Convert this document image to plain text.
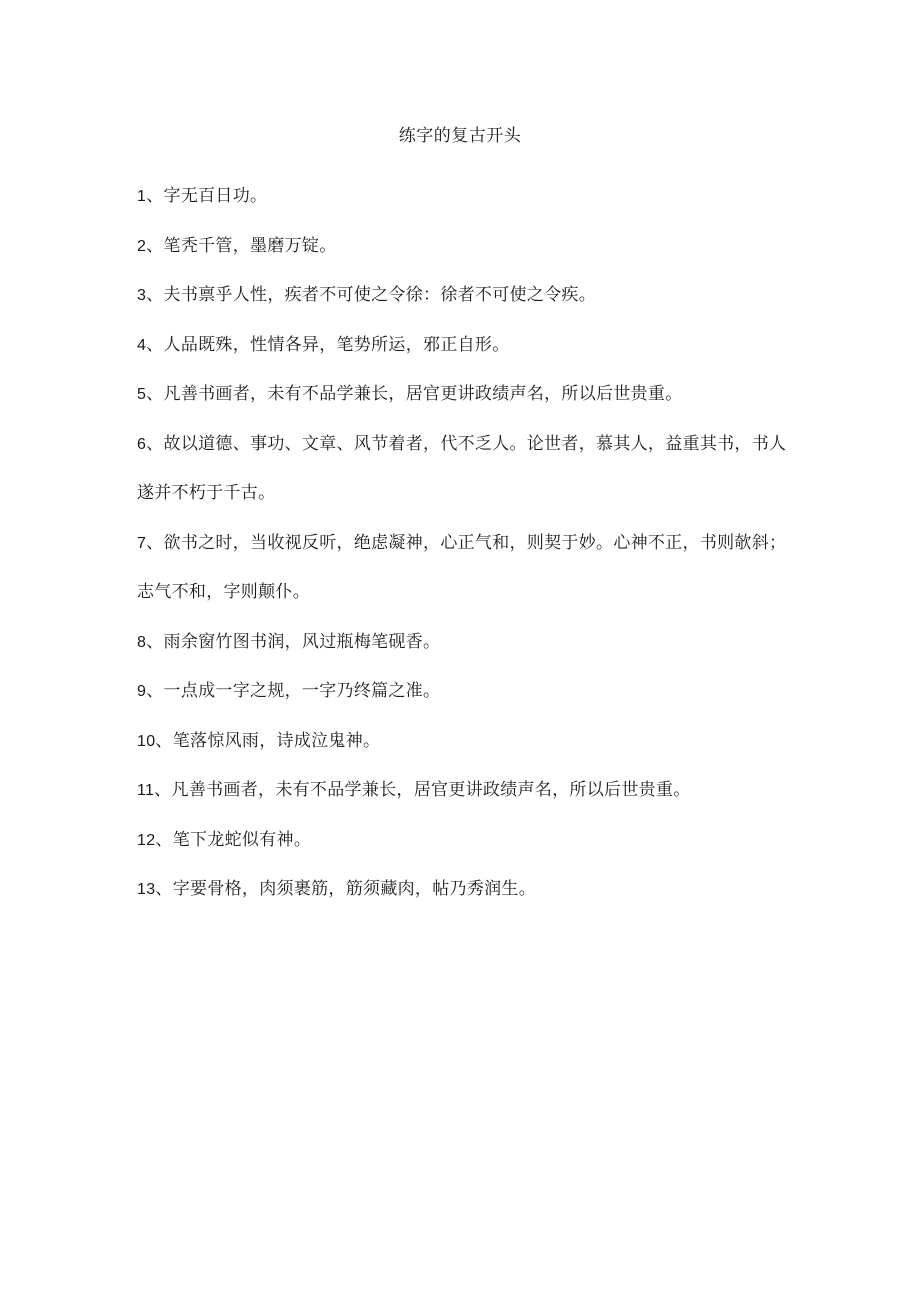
练字的复古开头
1、字无百日功。
2、笔秃千管，墨磨万锭。
3、夫书禀乎人性，疾者不可使之令徐：徐者不可使之令疾。
4、人品既殊，性情各异，笔势所运，邪正自形。
5、凡善书画者，未有不品学兼长，居官更讲政绩声名，所以后世贵重。
6、故以道德、事功、文章、风节着者，代不乏人。论世者，慕其人，益重其书，书人遂并不朽于千古。
7、欲书之时，当收视反听，绝虑凝神，心正气和，则契于妙。心神不正，书则欹斜；志气不和，字则颠仆。
8、雨余窗竹图书润，风过瓶梅笔砚香。
9、一点成一字之规，一字乃终篇之准。
10、笔落惊风雨，诗成泣鬼神。
11、凡善书画者，未有不品学兼长，居官更讲政绩声名，所以后世贵重。
12、笔下龙蛇似有神。
13、字要骨格，肉须裹筋，筋须藏肉，帖乃秀润生。
